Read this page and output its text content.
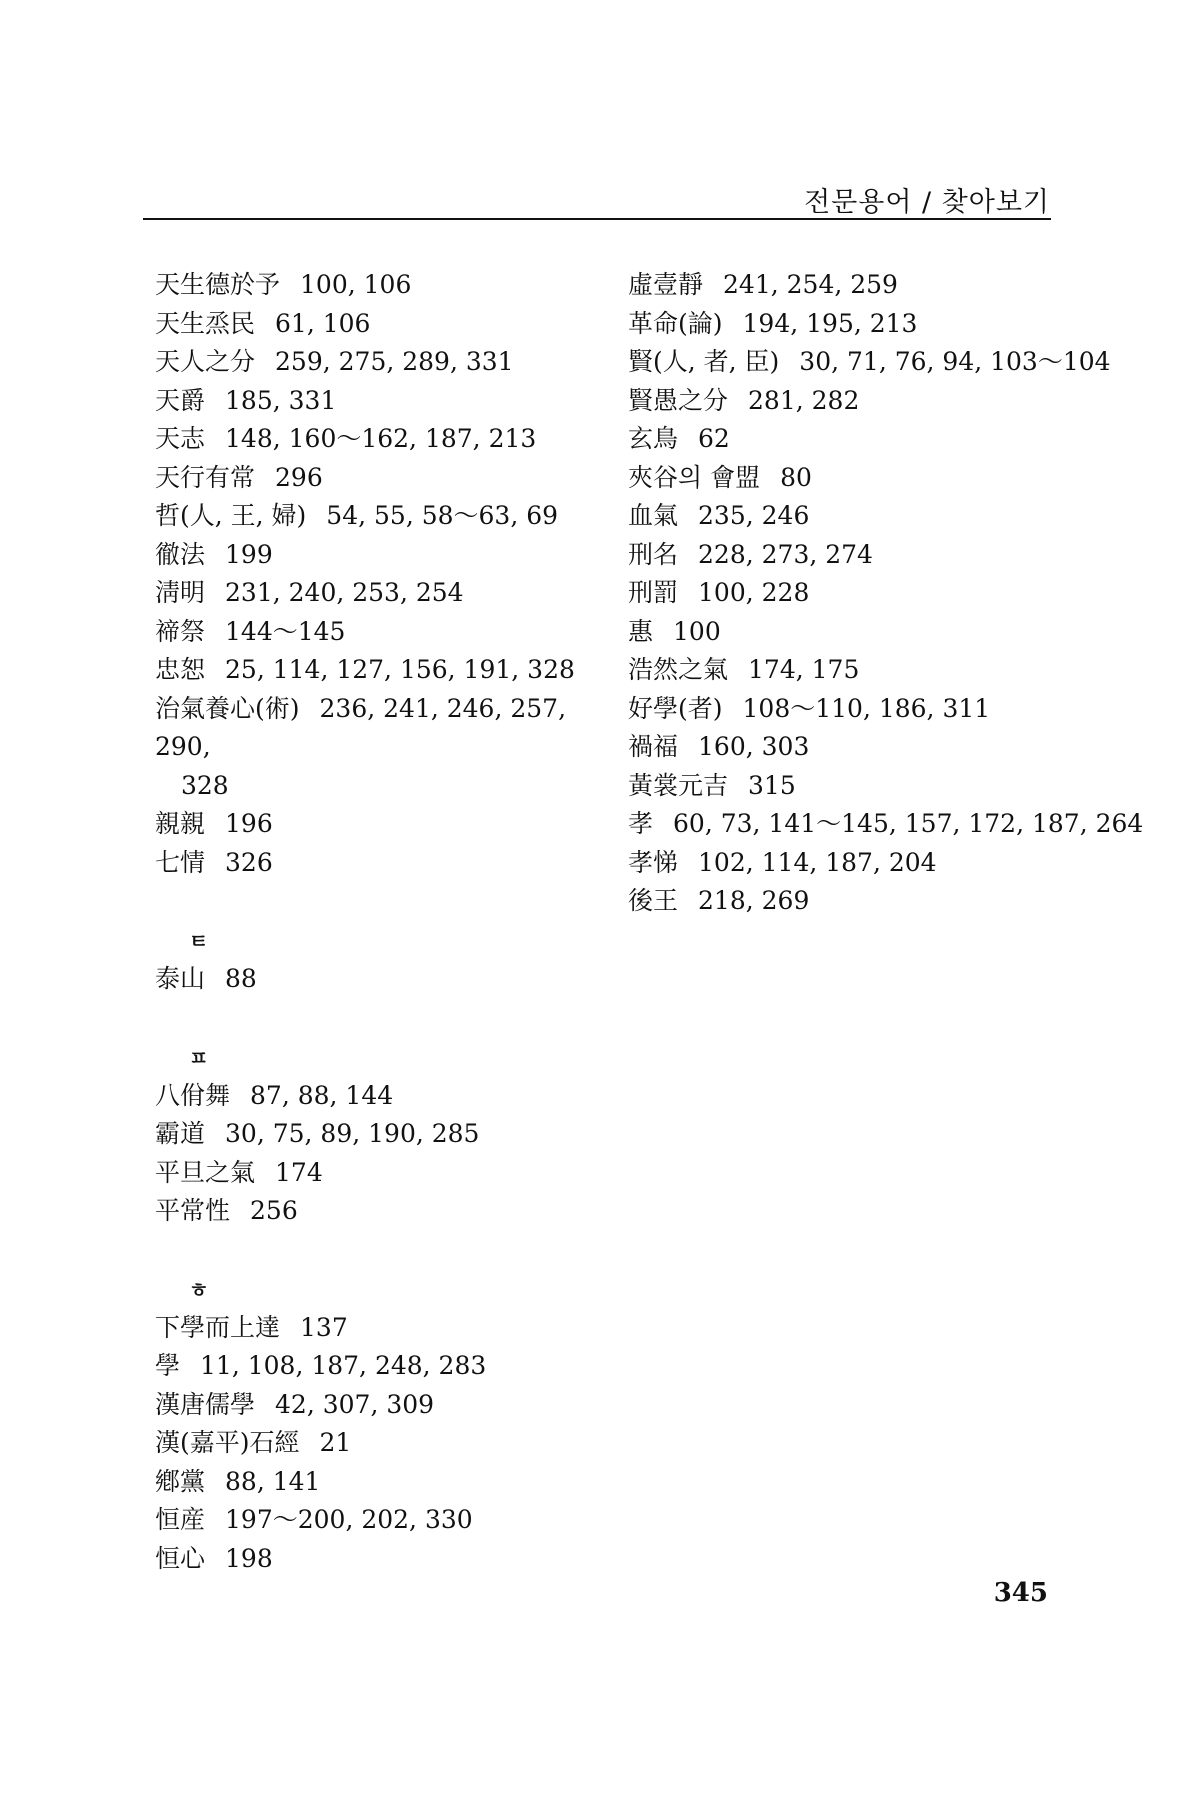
전문용어 / 찾아보기
天生德於予 100, 106
天生烝民 61, 106
天人之分 259, 275, 289, 331
天爵 185, 331
天志 148, 160～162, 187, 213
天行有常 296
哲(人, 王, 婦) 54, 55, 58～63, 69
徹法 199
淸明 231, 240, 253, 254
禘祭 144～145
忠恕 25, 114, 127, 156, 191, 328
治氣養心(術) 236, 241, 246, 257, 290,
328
親親 196
七情 326
ㅌ
泰山 88
ㅍ
八佾舞 87, 88, 144
霸道 30, 75, 89, 190, 285
平旦之氣 174
平常性 256
ㅎ
下學而上達 137
學 11, 108, 187, 248, 283
漢唐儒學 42, 307, 309
漢(嘉平)石經 21
鄕黨 88, 141
恒産 197～200, 202, 330
恒心 198
虛壹靜 241, 254, 259
革命(論) 194, 195, 213
賢(人, 者, 臣) 30, 71, 76, 94, 103～104
賢愚之分 281, 282
玄鳥 62
夾谷의 會盟 80
血氣 235, 246
刑名 228, 273, 274
刑罰 100, 228
惠 100
浩然之氣 174, 175
好學(者) 108～110, 186, 311
禍福 160, 303
黃裳元吉 315
孝 60, 73, 141～145, 157, 172, 187, 264
孝悌 102, 114, 187, 204
後王 218, 269
345
